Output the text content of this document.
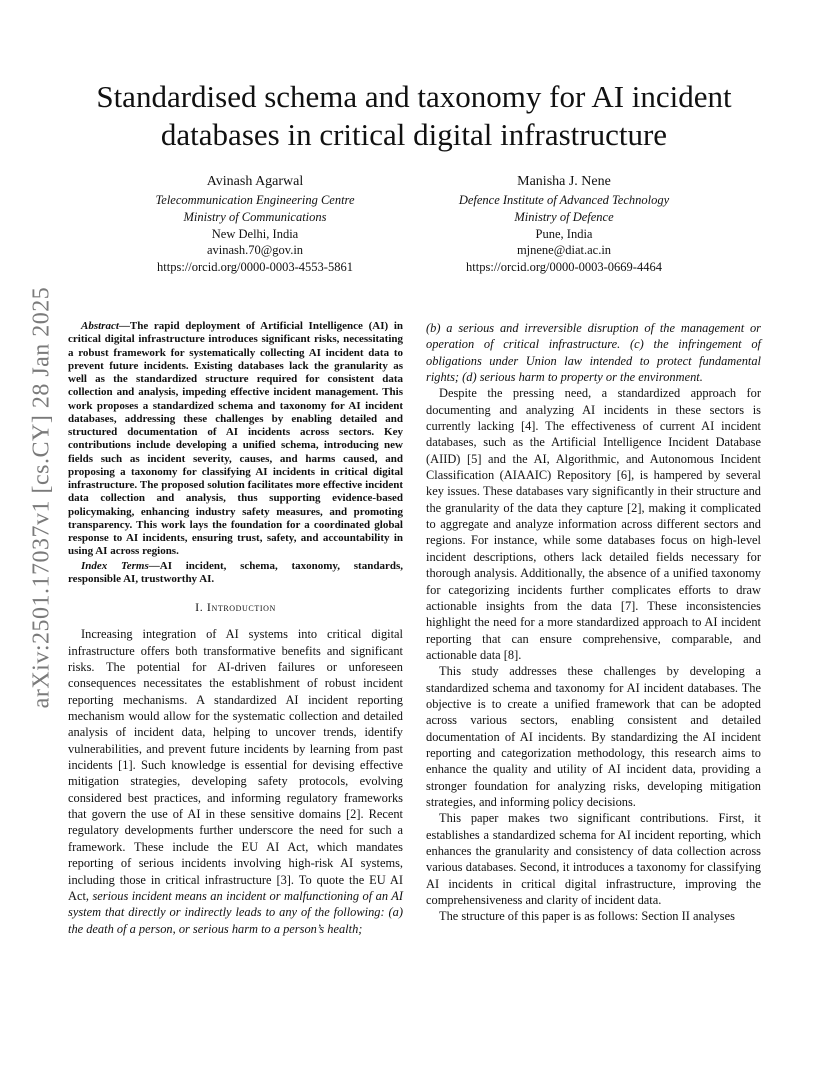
arXiv:2501.17037v1 [cs.CY] 28 Jan 2025
Standardised schema and taxonomy for AI incident databases in critical digital infrastructure
Avinash Agarwal
Telecommunication Engineering Centre
Ministry of Communications
New Delhi, India
avinash.70@gov.in
https://orcid.org/0000-0003-4553-5861
Manisha J. Nene
Defence Institute of Advanced Technology
Ministry of Defence
Pune, India
mjnene@diat.ac.in
https://orcid.org/0000-0003-0669-4464

Abstract—The rapid deployment of Artificial Intelligence (AI) in critical digital infrastructure introduces significant risks, necessitating a robust framework for systematically collecting AI incident data to prevent future incidents. Existing databases lack the granularity as well as the standardized structure required for consistent data collection and analysis, impeding effective incident management. This work proposes a standardized schema and taxonomy for AI incident databases, addressing these challenges by enabling detailed and structured documentation of AI incidents across sectors. Key contributions include developing a unified schema, introducing new fields such as incident severity, causes, and harms caused, and proposing a taxonomy for classifying AI incidents in critical digital infrastructure. The proposed solution facilitates more effective incident data collection and analysis, thus supporting evidence-based policymaking, enhancing industry safety measures, and promoting transparency. This work lays the foundation for a coordinated global response to AI incidents, ensuring trust, safety, and accountability in using AI across regions.

Index Terms—AI incident, schema, taxonomy, standards, responsible AI, trustworthy AI.

I. Introduction

Increasing integration of AI systems into critical digital infrastructure offers both transformative benefits and significant risks. The potential for AI-driven failures or unforeseen consequences necessitates the establishment of robust incident reporting mechanisms. A standardized AI incident reporting mechanism would allow for the systematic collection and detailed analysis of incident data, helping to uncover trends, identify vulnerabilities, and prevent future incidents by learning from past incidents [1]. Such knowledge is essential for devising effective mitigation strategies, developing safety protocols, evolving considered best practices, and informing regulatory frameworks that govern the use of AI in these sensitive domains [2]. Recent regulatory developments further underscore the need for such a framework. These include the EU AI Act, which mandates reporting of serious incidents involving high-risk AI systems, including those in critical infrastructure [3]. To quote the EU AI Act, serious incident means an incident or malfunctioning of an AI system that directly or indirectly leads to any of the following: (a) the death of a person, or serious harm to a person’s health;

(b) a serious and irreversible disruption of the management or operation of critical infrastructure. (c) the infringement of obligations under Union law intended to protect fundamental rights; (d) serious harm to property or the environment.

Despite the pressing need, a standardized approach for documenting and analyzing AI incidents in these sectors is currently lacking [4]. The effectiveness of current AI incident databases, such as the Artificial Intelligence Incident Database (AIID) [5] and the AI, Algorithmic, and Autonomous Incident Classification (AIAAIC) Repository [6], is hampered by several key issues. These databases vary significantly in their structure and the granularity of the data they capture [2], making it complicated to aggregate and analyze information across different sectors and regions. For instance, while some databases focus on high-level incident descriptions, others lack detailed fields necessary for thorough analysis. Additionally, the absence of a unified taxonomy for categorizing incidents further complicates efforts to draw actionable insights from the data [7]. These inconsistencies highlight the need for a more standardized approach to AI incident reporting that can ensure comprehensive, comparable, and actionable data [8].

This study addresses these challenges by developing a standardized schema and taxonomy for AI incident databases. The objective is to create a unified framework that can be adopted across various sectors, enabling consistent and detailed documentation of AI incidents. By standardizing the AI incident reporting and categorization methodology, this research aims to enhance the quality and utility of AI incident data, providing a stronger foundation for analyzing risks, developing mitigation strategies, and informing policy decisions.

This paper makes two significant contributions. First, it establishes a standardized schema for AI incident reporting, which enhances the granularity and consistency of data collection across various databases. Second, it introduces a taxonomy for classifying AI incidents in critical digital infrastructure, improving the comprehensiveness and clarity of incident data.

The structure of this paper is as follows: Section II analyses
